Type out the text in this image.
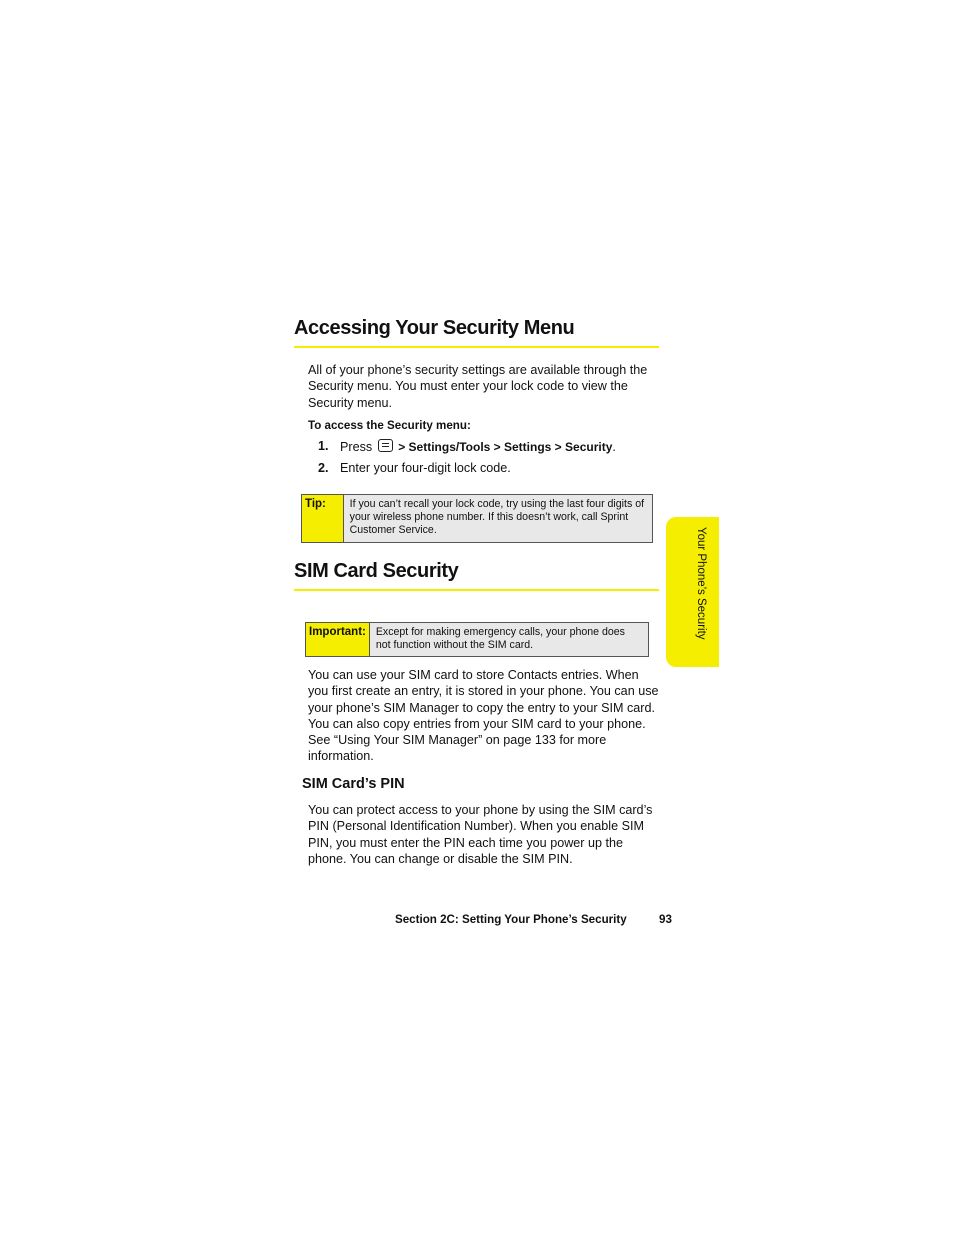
Accessing Your Security Menu
All of your phone’s security settings are available through the Security menu. You must enter your lock code to view the Security menu.
To access the Security menu:
1. Press > Settings/Tools > Settings > Security.
2. Enter your four-digit lock code.
Tip:	If you can’t recall your lock code, try using the last four digits of your wireless phone number. If this doesn’t work, call Sprint Customer Service.
SIM Card Security
Important: Except for making emergency calls, your phone does not function without the SIM card.
You can use your SIM card to store Contacts entries. When you first create an entry, it is stored in your phone. You can use your phone’s SIM Manager to copy the entry to your SIM card. You can also copy entries from your SIM card to your phone. See “Using Your SIM Manager” on page 133 for more information.
SIM Card’s PIN
You can protect access to your phone by using the SIM card’s PIN (Personal Identification Number). When you enable SIM PIN, you must enter the PIN each time you power up the phone. You can change or disable the SIM PIN.
Your Phone’s Security
Section 2C: Setting Your Phone’s Security	93
